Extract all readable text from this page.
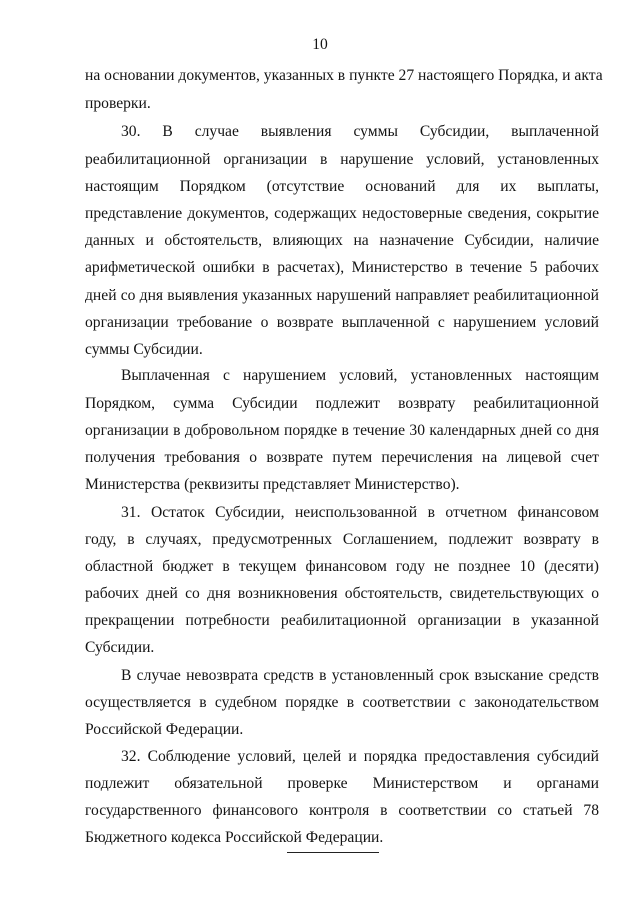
10
на основании документов, указанных в пункте 27 настоящего Порядка, и акта
проверки.
30. В случае выявления суммы Субсидии, выплаченной
реабилитационной организации в нарушение условий, установленных
настоящим Порядком (отсутствие оснований для их выплаты,
представление документов, содержащих недостоверные сведения, сокрытие
данных и обстоятельств, влияющих на назначение Субсидии, наличие
арифметической ошибки в расчетах), Министерство в течение 5 рабочих
дней со дня выявления указанных нарушений направляет реабилитационной
организации требование о возврате выплаченной с нарушением условий
суммы Субсидии.
Выплаченная с нарушением условий, установленных настоящим
Порядком, сумма Субсидии подлежит возврату реабилитационной
организации в добровольном порядке в течение 30 календарных дней со дня
получения требования о возврате путем перечисления на лицевой счет
Министерства (реквизиты представляет Министерство).
31. Остаток Субсидии, неиспользованной в отчетном финансовом
году, в случаях, предусмотренных Соглашением, подлежит возврату в
областной бюджет в текущем финансовом году не позднее 10 (десяти)
рабочих дней со дня возникновения обстоятельств, свидетельствующих о
прекращении потребности реабилитационной организации в указанной
Субсидии.
В случае невозврата средств в установленный срок взыскание средств
осуществляется в судебном порядке в соответствии с законодательством
Российской Федерации.
32. Соблюдение условий, целей и порядка предоставления субсидий
подлежит обязательной проверке Министерством и органами
государственного финансового контроля в соответствии со статьей 78
Бюджетного кодекса Российской Федерации.
